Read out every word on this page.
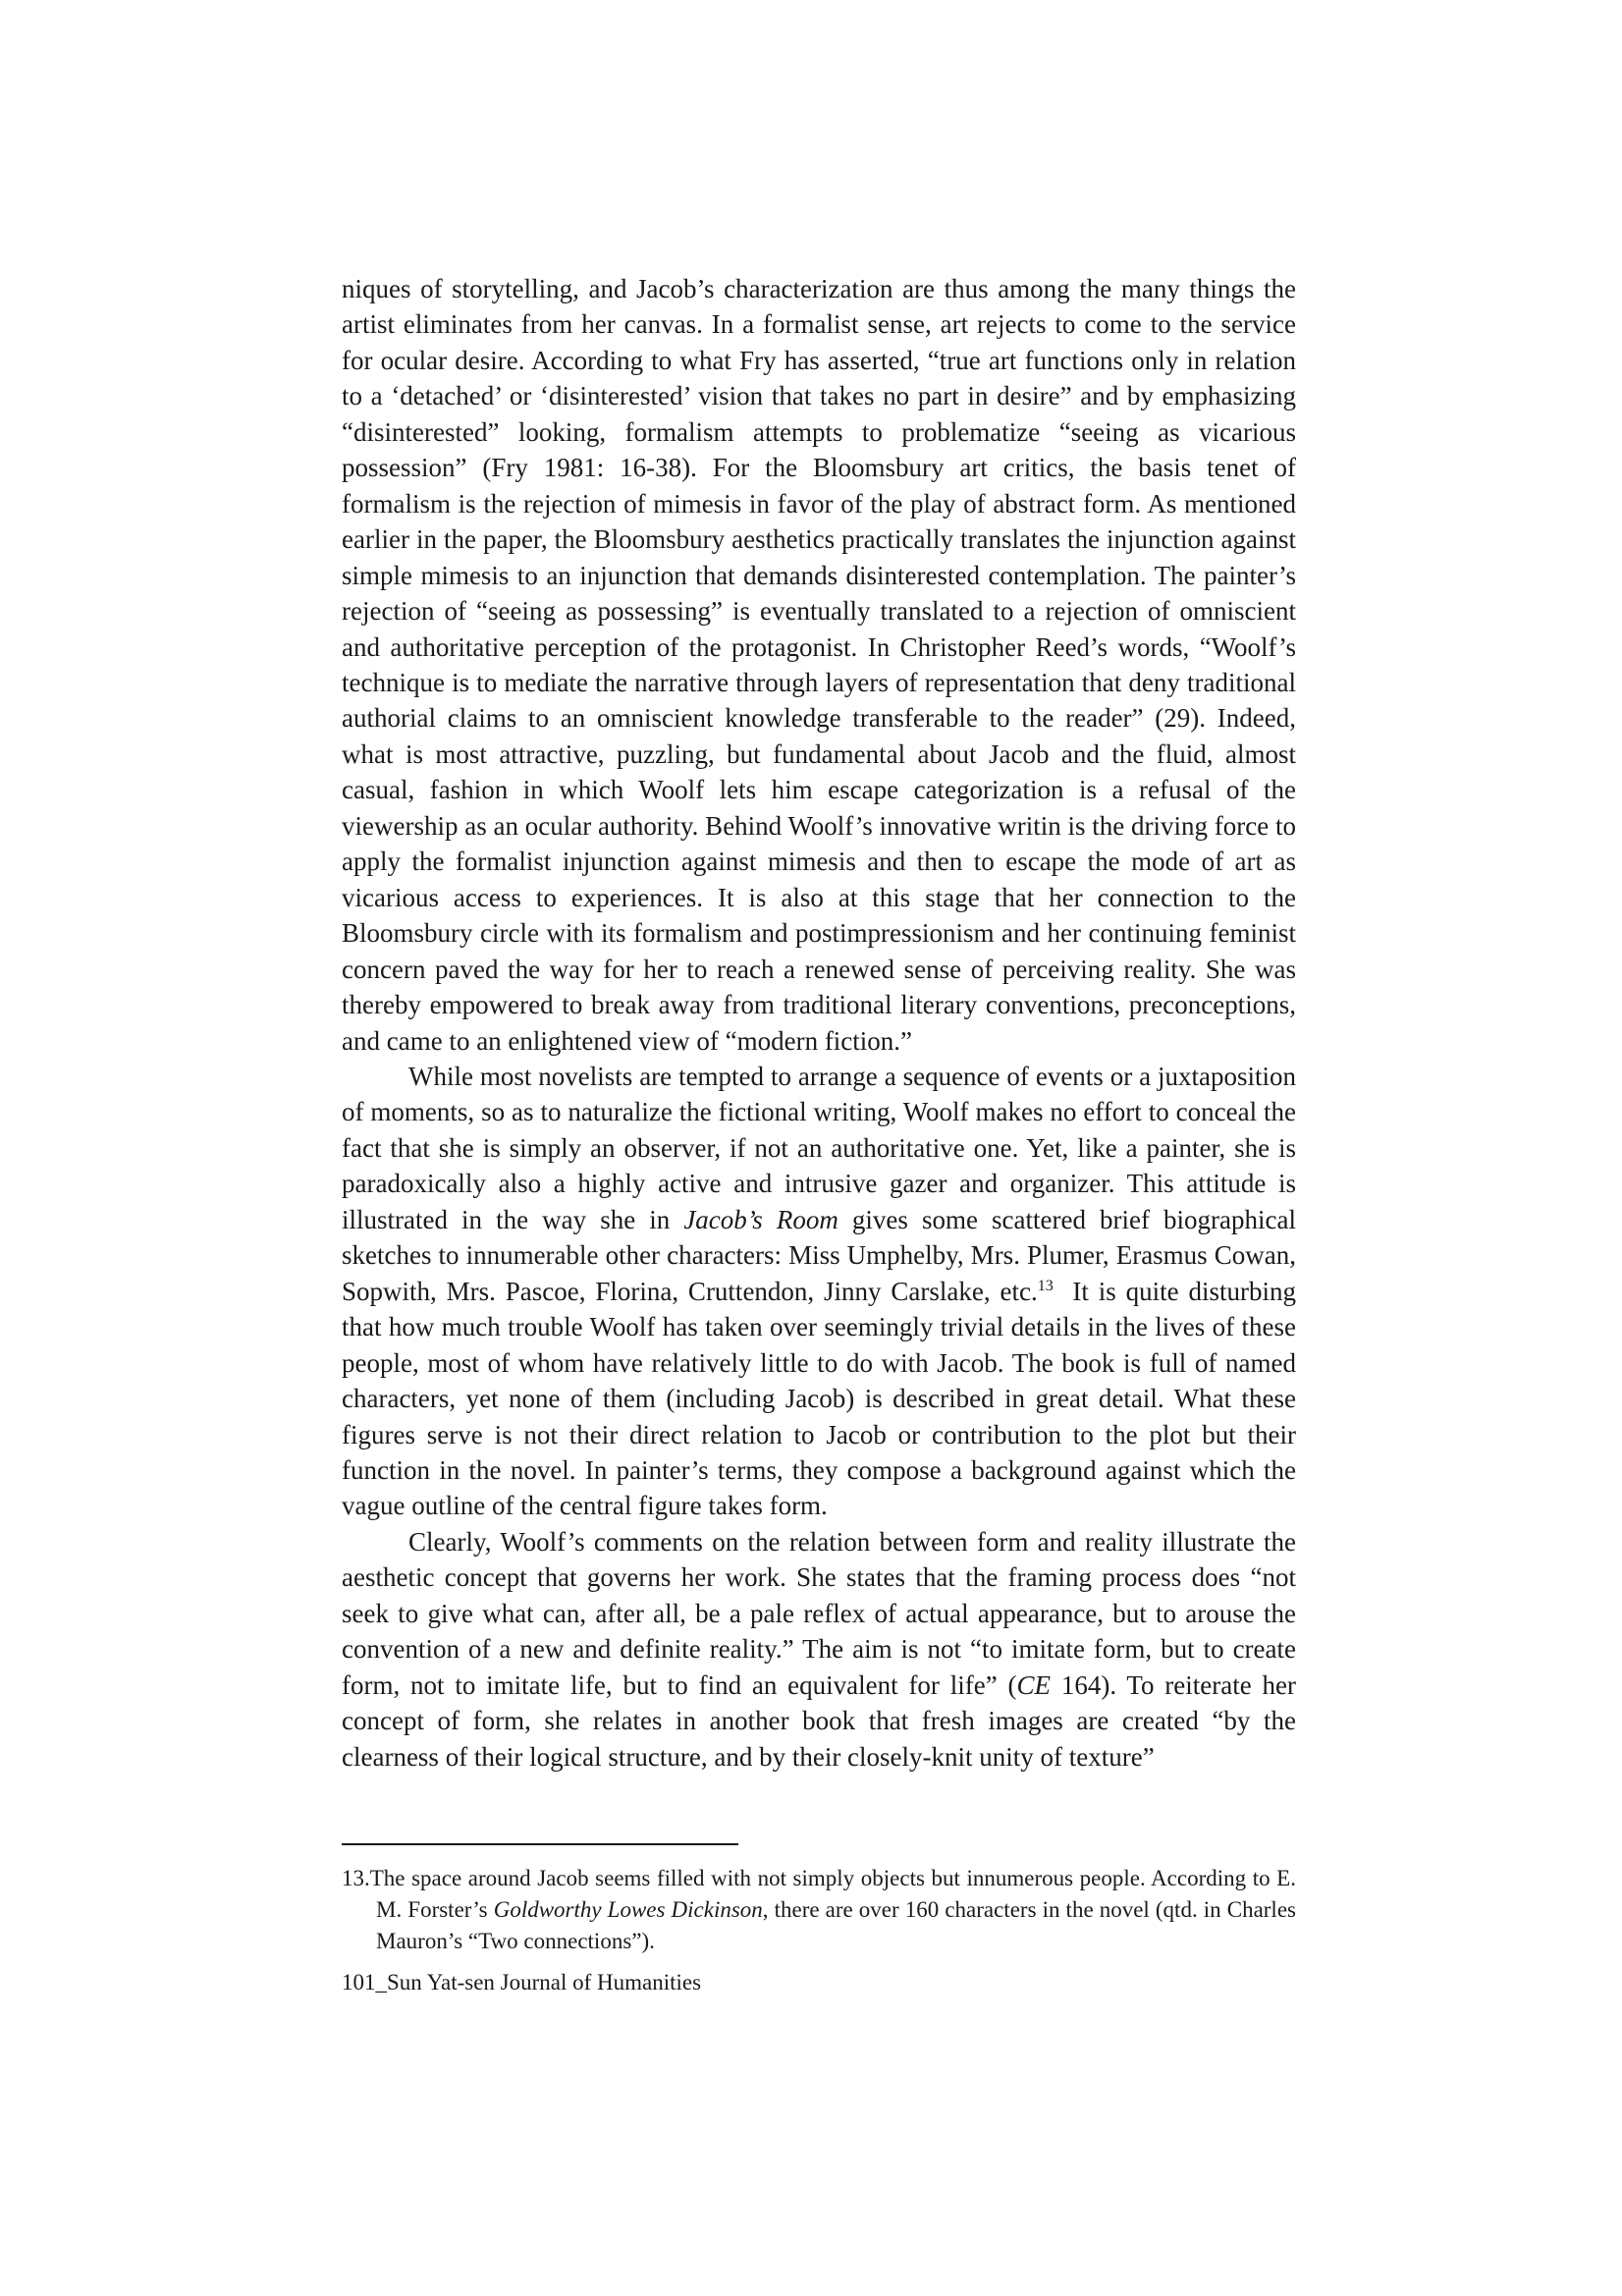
niques of storytelling, and Jacob’s characterization are thus among the many things the artist eliminates from her canvas. In a formalist sense, art rejects to come to the service for ocular desire. According to what Fry has asserted, “true art functions only in relation to a ‘detached’ or ‘disinterested’ vision that takes no part in desire” and by emphasizing “disinterested” looking, formalism attempts to problematize “seeing as vicarious possession” (Fry 1981: 16-38). For the Bloomsbury art critics, the basis tenet of formalism is the rejection of mimesis in favor of the play of abstract form. As mentioned earlier in the paper, the Bloomsbury aesthetics practically translates the injunction against simple mimesis to an injunction that demands disinterested contemplation. The painter’s rejection of “seeing as possessing” is eventually translated to a rejection of omniscient and authoritative perception of the protagonist. In Christopher Reed’s words, “Woolf’s technique is to mediate the narrative through layers of representation that deny traditional authorial claims to an omniscient knowledge transferable to the reader” (29). Indeed, what is most attractive, puzzling, but fundamental about Jacob and the fluid, almost casual, fashion in which Woolf lets him escape categorization is a refusal of the viewership as an ocular authority. Behind Woolf’s innovative writin is the driving force to apply the formalist injunction against mimesis and then to escape the mode of art as vicarious access to experiences. It is also at this stage that her connection to the Bloomsbury circle with its formalism and postimpressionism and her continuing feminist concern paved the way for her to reach a renewed sense of perceiving reality. She was thereby empowered to break away from traditional literary conventions, preconceptions, and came to an enlightened view of “modern fiction.”

While most novelists are tempted to arrange a sequence of events or a juxtaposition of moments, so as to naturalize the fictional writing, Woolf makes no effort to conceal the fact that she is simply an observer, if not an authoritative one. Yet, like a painter, she is paradoxically also a highly active and intrusive gazer and organizer. This attitude is illustrated in the way she in Jacob’s Room gives some scattered brief biographical sketches to innumerable other characters: Miss Umphelby, Mrs. Plumer, Erasmus Cowan, Sopwith, Mrs. Pascoe, Florina, Cruttendon, Jinny Carslake, etc.$^{13}$  It is quite disturbing that how much trouble Woolf has taken over seemingly trivial details in the lives of these people, most of whom have relatively little to do with Jacob. The book is full of named characters, yet none of them (including Jacob) is described in great detail. What these figures serve is not their direct relation to Jacob or contribution to the plot but their function in the novel. In painter’s terms, they compose a background against which the vague outline of the central figure takes form.

Clearly, Woolf’s comments on the relation between form and reality illustrate the aesthetic concept that governs her work. She states that the framing process does “not seek to give what can, after all, be a pale reflex of actual appearance, but to arouse the convention of a new and definite reality.” The aim is not “to imitate form, but to create form, not to imitate life, but to find an equivalent for life” (CE 164). To reiterate her concept of form, she relates in another book that fresh images are created “by the clearness of their logical structure, and by their closely-knit unity of texture”

13.The space around Jacob seems filled with not simply objects but innumerous people. According to E. M. Forster’s Goldworthy Lowes Dickinson, there are over 160 characters in the novel (qtd. in Charles Mauron’s “Two connections”).
101_Sun Yat-sen Journal of Humanities
